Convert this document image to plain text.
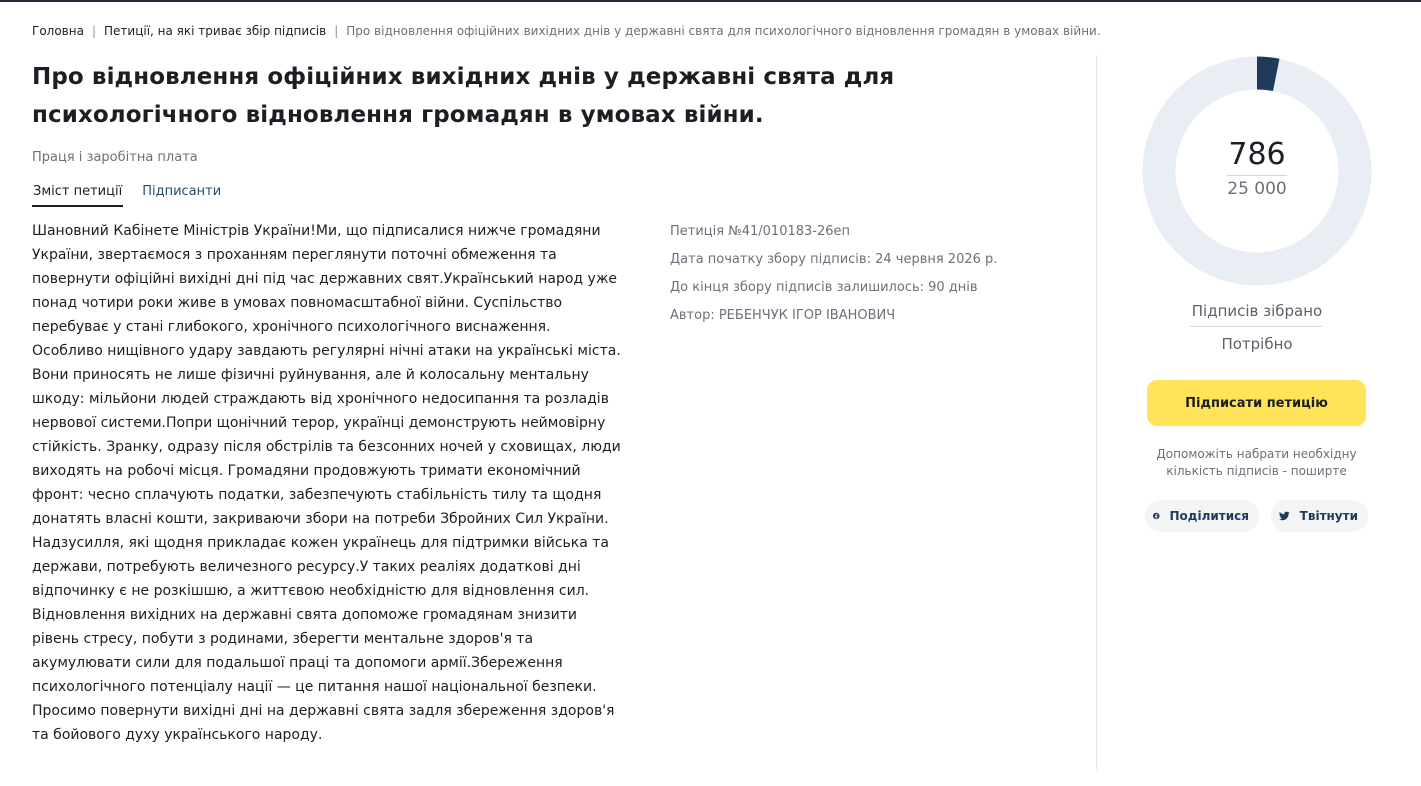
Головна | Петиції, на які триває збір підписів | Про відновлення офіційних вихідних днів у державні свята для психологічного відновлення громадян в умовах війни.
Про відновлення офіційних вихідних днів у державні свята для психологічного відновлення громадян в умовах війни.
Праця і заробітна плата
Зміст петиції Підписанти
Шановний Кабінете Міністрів України!Ми, що підписалися нижче громадяни України, звертаємося з проханням переглянути поточні обмеження та повернути офіційні вихідні дні під час державних свят.Український народ уже понад чотири роки живе в умовах повномасштабної війни. Суспільство перебуває у стані глибокого, хронічного психологічного виснаження. Особливо нищівного удару завдають регулярні нічні атаки на українські міста. Вони приносять не лише фізичні руйнування, але й колосальну ментальну шкоду: мільйони людей страждають від хронічного недосипання та розладів нервової системи.Попри щонічний терор, українці демонструють неймовірну стійкість. Зранку, одразу після обстрілів та безсонних ночей у сховищах, люди виходять на робочі місця. Громадяни продовжують тримати економічний фронт: чесно сплачують податки, забезпечують стабільність тилу та щодня донатять власні кошти, закриваючи збори на потреби Збройних Сил України. Надзусилля, які щодня прикладає кожен українець для підтримки війська та держави, потребують величезного ресурсу.У таких реаліях додаткові дні відпочинку є не розкішшю, а життєвою необхідністю для відновлення сил. Відновлення вихідних на державні свята допоможе громадянам знизити рівень стресу, побути з родинами, зберегти ментальне здоров'я та акумулювати сили для подальшої праці та допомоги армії.Збереження психологічного потенціалу нації — це питання нашої національної безпеки. Просимо повернути вихідні дні на державні свята задля збереження здоров'я та бойового духу українського народу.
Петиція №41/010183-26еп
Дата початку збору підписів: 24 червня 2026 р.
До кінця збору підписів залишилось: 90 днів
Автор: РЕБЕНЧУК ІГОР ІВАНОВИЧ
786
25 000
Підписів зібрано
Потрібно
Підписати петицію
Допоможіть набрати необхідну кількість підписів - поширте
Поділитися	Твітнути
